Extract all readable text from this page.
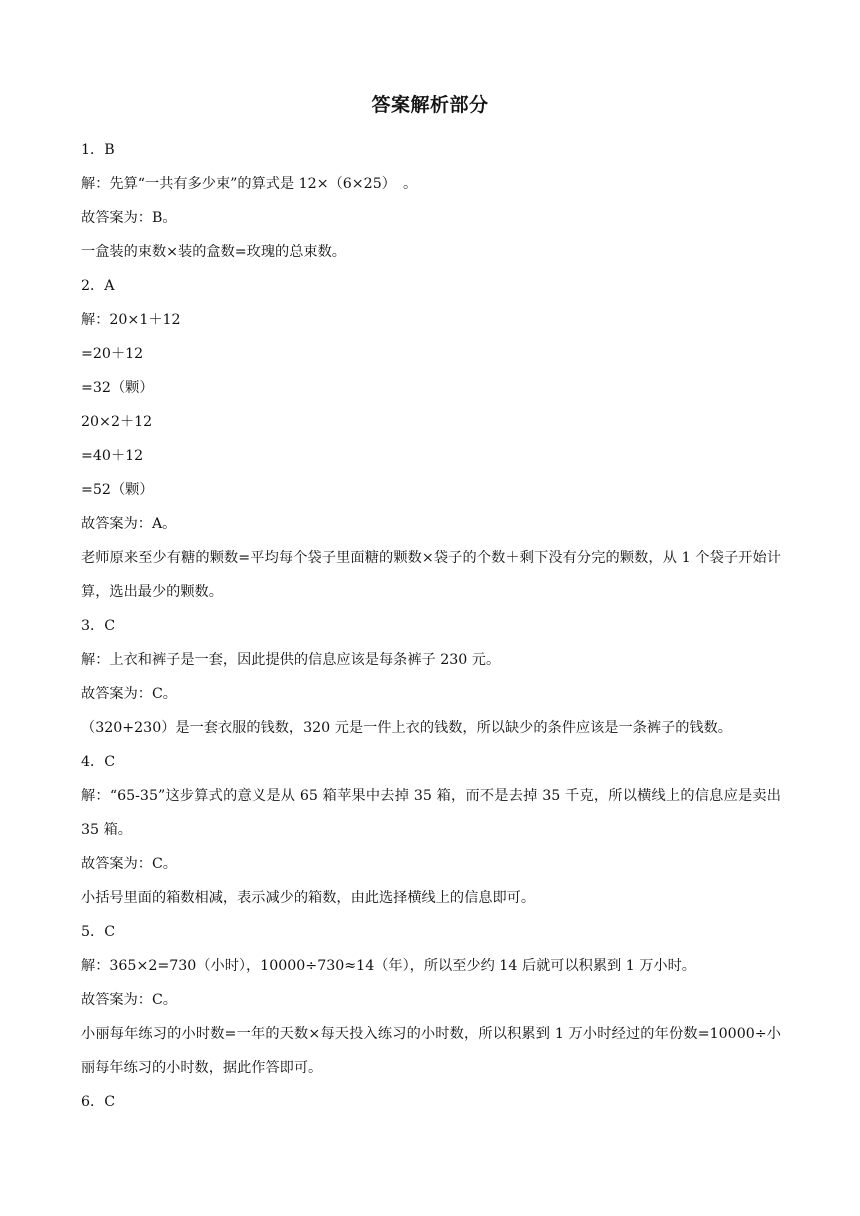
答案解析部分
1．B
解：先算“一共有多少束”的算式是 12×（6×25）　。
故答案为：B。
一盒装的束数×装的盒数=玫瑰的总束数。
2．A
解：20×1＋12
=20＋12
=32（颗）
20×2＋12
=40＋12
=52（颗）
故答案为：A。
老师原来至少有糖的颗数=平均每个袋子里面糖的颗数×袋子的个数＋剩下没有分完的颗数，从 1 个袋子开始计算，选出最少的颗数。
3．C
解：上衣和裤子是一套，因此提供的信息应该是每条裤子 230 元。
故答案为：C。
（320+230）是一套衣服的钱数，320 元是一件上衣的钱数，所以缺少的条件应该是一条裤子的钱数。
4．C
解：“65-35”这步算式的意义是从 65 箱苹果中去掉 35 箱，而不是去掉 35 千克，所以横线上的信息应是卖出 35 箱。
故答案为：C。
小括号里面的箱数相减，表示减少的箱数，由此选择横线上的信息即可。
5．C
解：365×2=730（小时），10000÷730≈14（年），所以至少约 14 后就可以积累到 1 万小时。
故答案为：C。
小丽每年练习的小时数=一年的天数×每天投入练习的小时数，所以积累到 1 万小时经过的年份数=10000÷小丽每年练习的小时数，据此作答即可。
6．C
